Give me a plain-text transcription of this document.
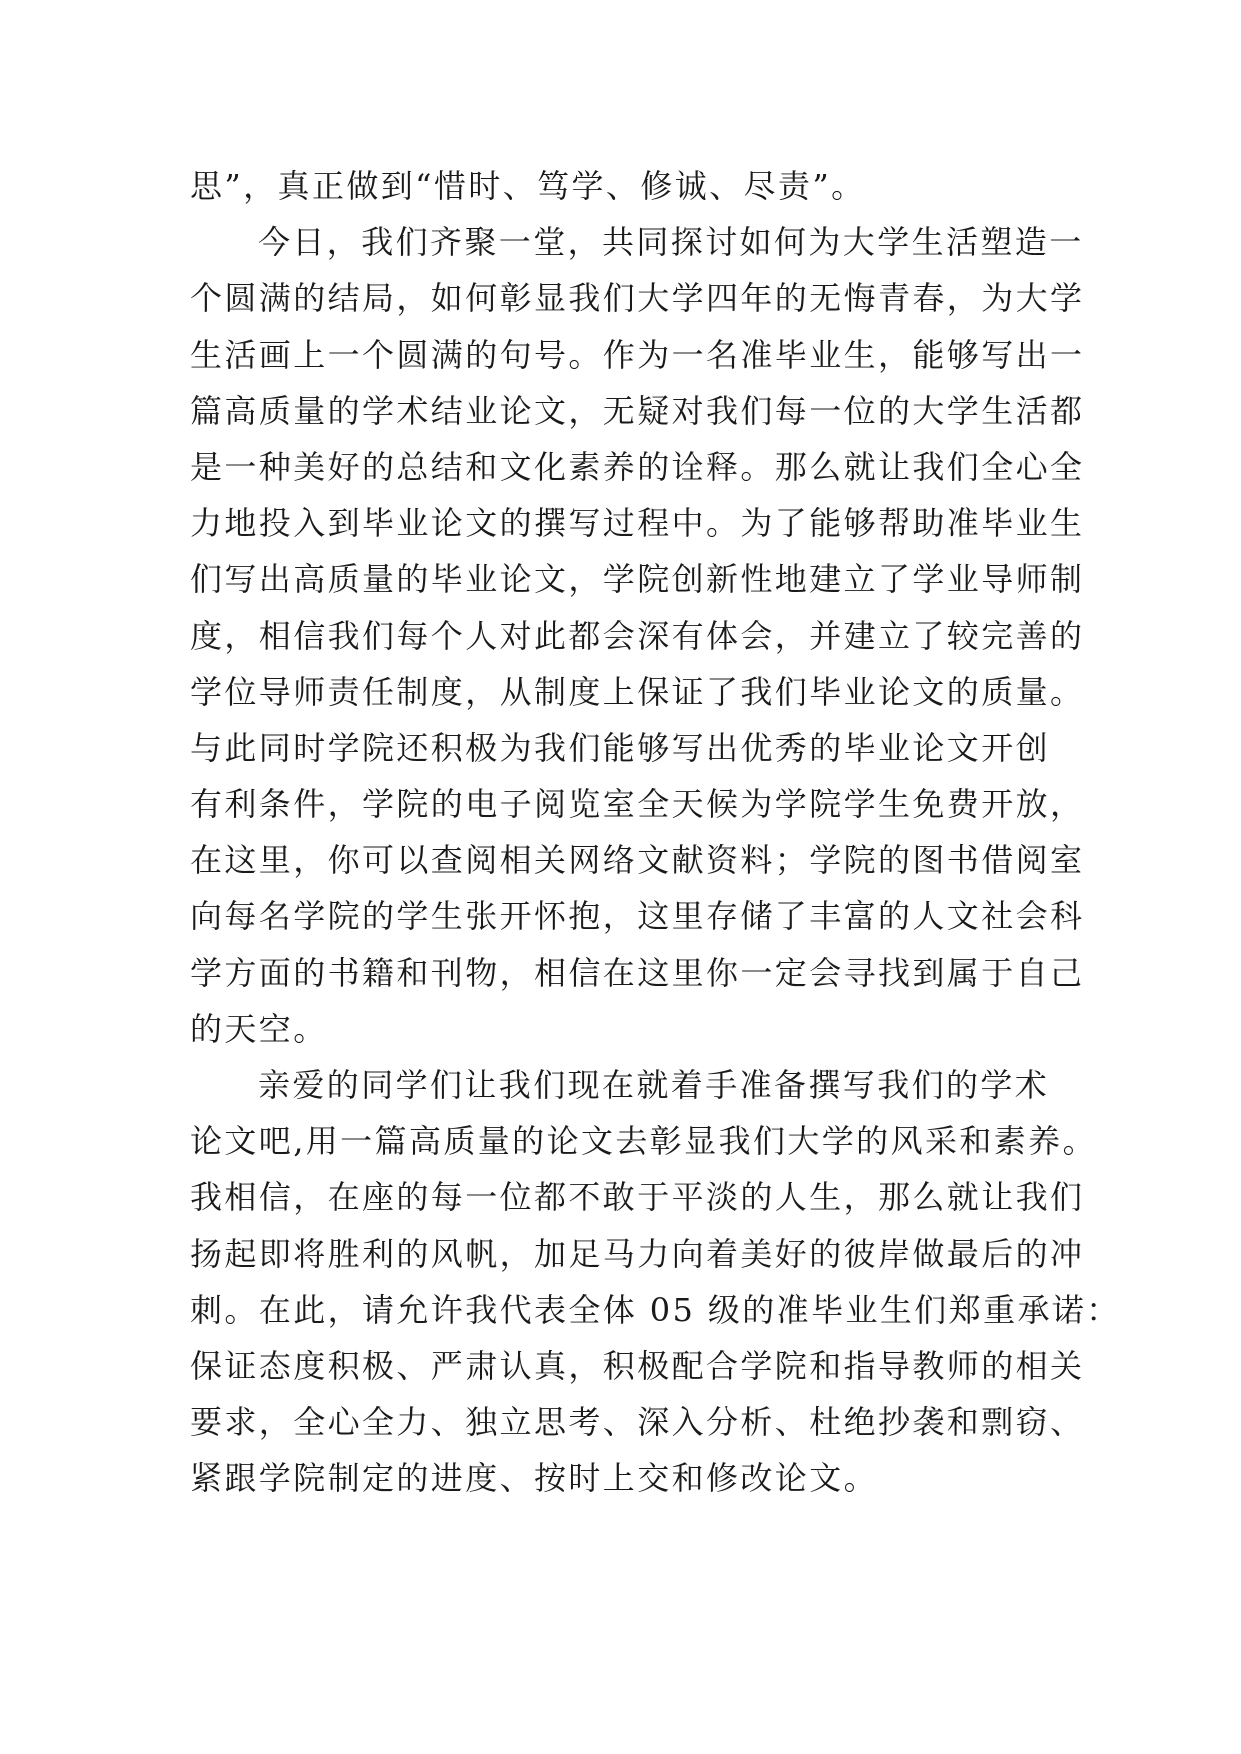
思”，真正做到“惜时、笃学、修诚、尽责”。
今日，我们齐聚一堂，共同探讨如何为大学生活塑造一
个圆满的结局，如何彰显我们大学四年的无悔青春，为大学
生活画上一个圆满的句号。作为一名准毕业生，能够写出一
篇高质量的学术结业论文，无疑对我们每一位的大学生活都
是一种美好的总结和文化素养的诠释。那么就让我们全心全
力地投入到毕业论文的撰写过程中。为了能够帮助准毕业生
们写出高质量的毕业论文，学院创新性地建立了学业导师制
度，相信我们每个人对此都会深有体会，并建立了较完善的
学位导师责任制度，从制度上保证了我们毕业论文的质量。
与此同时学院还积极为我们能够写出优秀的毕业论文开创
有利条件，学院的电子阅览室全天候为学院学生免费开放，
在这里，你可以查阅相关网络文献资料；学院的图书借阅室
向每名学院的学生张开怀抱，这里存储了丰富的人文社会科
学方面的书籍和刊物，相信在这里你一定会寻找到属于自己
的天空。
亲爱的同学们让我们现在就着手准备撰写我们的学术
论文吧,用一篇高质量的论文去彰显我们大学的风采和素养。
我相信，在座的每一位都不敢于平淡的人生，那么就让我们
扬起即将胜利的风帆，加足马力向着美好的彼岸做最后的冲
刺。在此，请允许我代表全体 05 级的准毕业生们郑重承诺：
保证态度积极、严肃认真，积极配合学院和指导教师的相关
要求，全心全力、独立思考、深入分析、杜绝抄袭和剽窃、
紧跟学院制定的进度、按时上交和修改论文。
